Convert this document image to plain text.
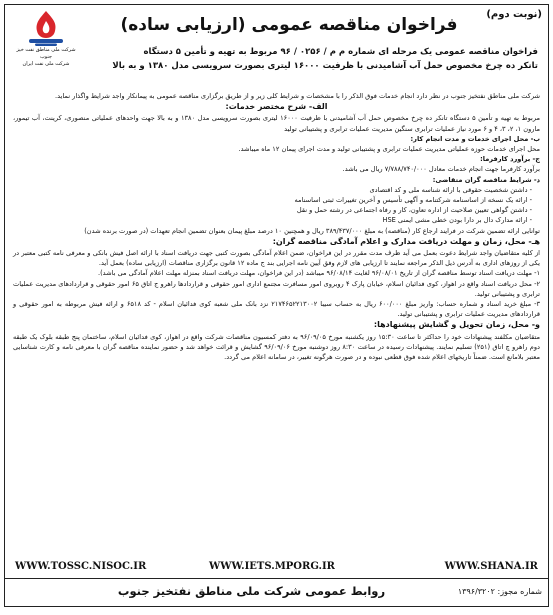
(نوبت دوم)
فراخوان مناقصه عمومی (ارزیابی ساده)
شرکت ملی مناطق نفت خیز جنوب
شرکت ملی نفت ایران
فراخوان مناقصه عمومی یک مرحله ای شماره م م / ۰۲۵۶ / ۹۶ مربوط به تهیه و تأمین ۵ دستگاه
تانکر ده چرخ مخصوص حمل آب آشامیدنی با ظرفیت ۱۶۰۰۰ لیتری بصورت سرویسی مدل ۱۳۸۰ و به بالا

شرکت ملی مناطق نفتخیز جنوب در نظر دارد انجام خدمات فوق الذکر را با مشخصات و شرایط کلی زیر و از طریق برگزاری مناقصه عمومی به پیمانکار واجد شرایط واگذار نماید.

الف- شرح مختصر خدمات:

مربوط به تهیه و تأمین ۵ دستگاه تانکر ده چرخ مخصوص حمل آب آشامیدنی با ظرفیت ۱۶۰۰۰ لیتری بصورت سرویسی مدل ۱۳۸۰ و به بالا جهت واحدهای عملیاتی منصوری، کرینت، آب تیمور، مارون ۱، ۲، ۳، ۴ و ۶ مورد نیاز عملیات ترابری سنگین مدیریت عملیات ترابری و پشتیبانی تولید

ب- محل اجرای خدمات و مدت انجام کار:

محل اجرای خدمات حوزه عملیاتی مدیریت عملیات ترابری و پشتیبانی تولید و مدت اجرای پیمان ۱۲ ماه میباشد.

ج- برآورد کارفرما:

برآورد کارفرما جهت انجام خدمات معادل ۷/۷۸۸/۷۴۰/۰۰۰ ریال می باشد.

د- شرایط مناقصه گران متقاضی:

- داشتن شخصیت حقوقی با ارائه شناسه ملی و کد اقتصادی

- ارائه یک نسخه از اساسنامه شرکتنامه و آگهی تأسیس و آخرین تغییرات ثبتی اساسنامه

- داشتن گواهی تعیین صلاحیت از اداره تعاون، کار و رفاه اجتماعی در رشته حمل و نقل

- ارائه مدارک دال بر دارا بودن خطی مشی ایمنی HSE

توانایی ارائه تضمین شرکت در فرایند ارجاع کار (مناقصه) به مبلغ ۳۸۹/۴۳۷/۰۰۰ ریال و همچنین ۱۰ درصد مبلغ پیمان بعنوان تضمین انجام تعهدات (در صورت برنده شدن)

هـ- محل، زمان و مهلت دریافت مدارک و اعلام آمادگی مناقصه گران:

از کلیه متقاضیان واجد شرایط دعوت بعمل می آید ظرف مدت مقرر در این فراخوان، ضمن اعلام آمادگی بصورت کتبی جهت دریافت اسناد با ارائه اصل فیش بانکی و معرفی نامه کتبی معتبر در یکی از روزهای اداری به آدرس ذیل الذکر مراجعه نمایند تا ارزیابی های لازم وفق آیین نامه اجرایی بند ج ماده ۱۲ قانون برگزاری مناقصات (ارزیابی ساده) بعمل آید.

۱- مهلت دریافت اسناد توسط مناقصه گران از تاریخ ۹۶/۰۸/۰۱ لغایت ۹۶/۰۸/۱۴ میباشد (در این فراخوان، مهلت دریافت اسناد بمنزله مهلت اعلام آمادگی می باشد).

۲- محل دریافت اسناد واقع در اهواز، کوی فدائیان اسلام، خیابان پارک ۴ روبروی امور مسافرت مجتمع اداری امور حقوقی و قراردادها راهرو ج اتاق ۶۵ امور حقوقی و قراردادهای مدیریت عملیات ترابری و پشتیبانی تولید.

۳- مبلغ خرید اسناد و شماره حساب: واریز مبلغ ۶۰۰/۰۰۰ ریال به حساب سیبا ۲۱۷۴۶۵۲۲۱۳۰۰۲ نزد بانک ملی شعبه کوی فدائیان اسلام - کد ۶۵۱۸ و ارائه فیش مربوطه به امور حقوقی و قراردادهای مدیریت عملیات ترابری و پشتیبانی تولید.

و- محل، زمان تحویل و گشایش پیشنهادها:

متقاضیان مکلفند پیشنهادات خود را حداکثر تا ساعت ۱۵:۳۰ روز یکشنبه مورخ ۹۶/۰۹/۰۵ به دفتر کمسیون مناقصات شرکت واقع در اهواز، کوی فدائیان اسلام، ساختمان پنج طبقه بلوک یک طبقه دوم راهرو چ اتاق (۲۵۱) تسلیم نمایند. پیشنهادات رسیده در ساعت ۸:۳۰ روز دوشنبه مورخ ۹۶/۰۹/۰۶ گشایش و قرائت خواهد شد و حضور نماینده مناقصه گران با معرفی نامه و کارت شناسایی معتبر بلامانع است. ضمناً تاریخهای اعلام شده فوق قطعی نبوده و در صورت هرگونه تغییر، در سامانه اعلام می گردد.

WWW.TOSSC.NISOC.IR	WWW.IETS.MPORG.IR	WWW.SHANA.IR
روابط عمومی شرکت ملی مناطق نفتخیز جنوب	شماره مجوز: ۱۳۹۶/۳۲۰۲
